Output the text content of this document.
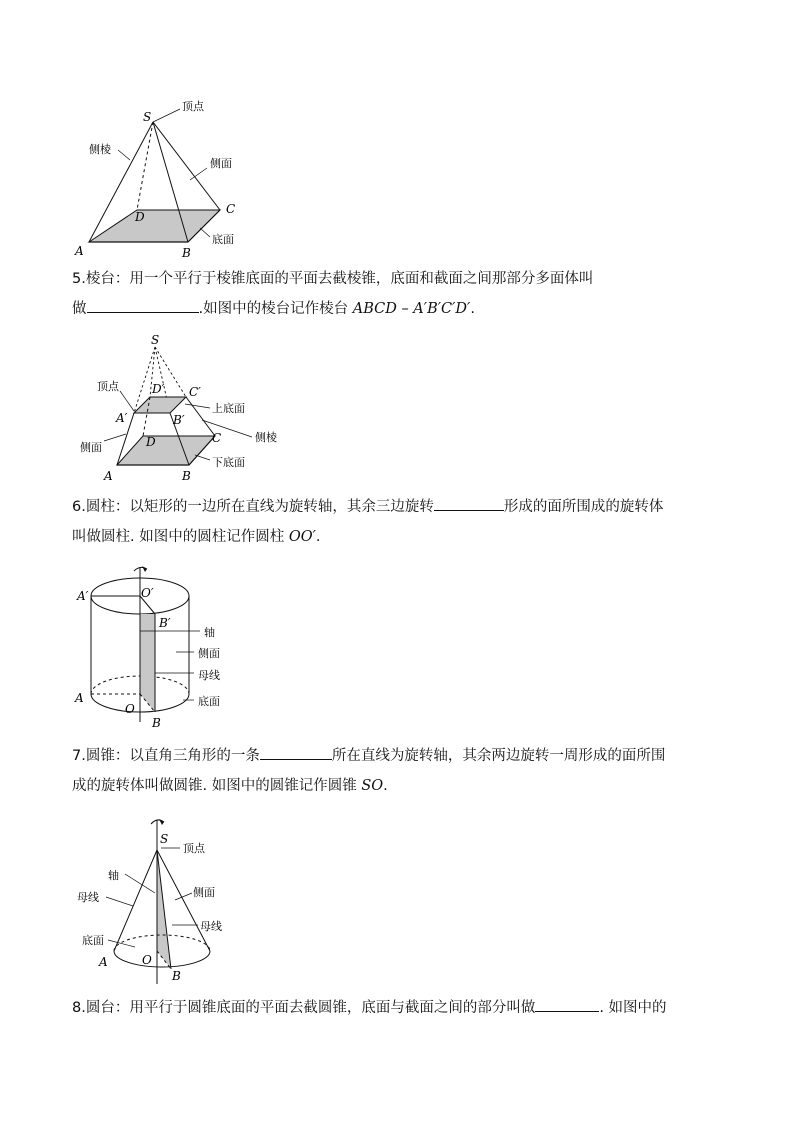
S
顶点
侧棱
侧面
D
C
A	B
底面
5.棱台：用一个平行于棱锥底面的平面去截棱锥，底面和截面之间那部分多面体叫
做	.如图中的棱台记作棱台 ABCD – A′B′C′D′.
S
顶点	D′ C′
A′	B′
上底面
侧棱
D	C
侧面
下底面
A	B
6.圆柱：以矩形的一边所在直线为旋转轴，其余三边旋转	形成的面所围成的旋转体
叫做圆柱. 如图中的圆柱记作圆柱 OO′.
A′	O′
B′
轴
侧面
母线
A	底面
O
B
7.圆锥：以直角三角形的一条	所在直线为旋转轴，其余两边旋转一周形成的面所围
成的旋转体叫做圆锥. 如图中的圆锥记作圆锥 SO.
S
顶点
轴
侧面
母线
母线
底面
A	O
B
8.圆台：用平行于圆锥底面的平面去截圆锥，底面与截面之间的部分叫做	. 如图中的
